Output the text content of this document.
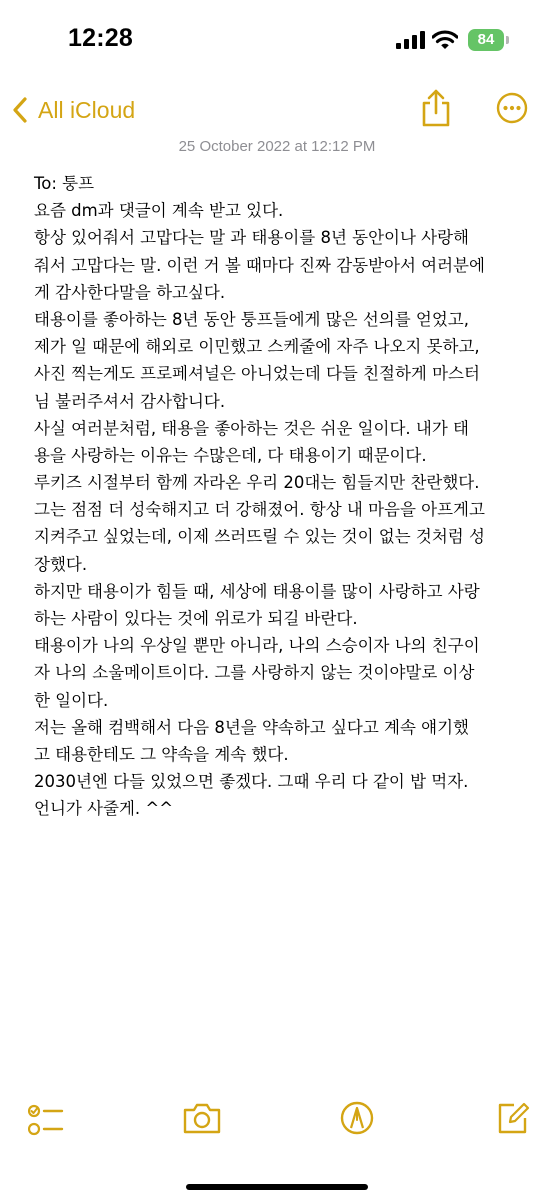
12:28	84
All iCloud
25 October 2022 at 12:12 PM
To: 퉁프
요즘 dm과 댓글이 계속 받고 있다.
항상 있어줘서 고맙다는 말 과 태용이를 8년 동안이나 사랑해
줘서 고맙다는 말. 이런 거 볼 때마다 진짜 감동받아서 여러분에
게 감사한다말을 하고싶다.
태용이를 좋아하는 8년 동안 퉁프들에게 많은 선의를 얻었고,
제가 일 때문에 해외로 이민했고 스케줄에 자주 나오지 못하고,
사진 찍는게도 프로페셔널은 아니었는데 다들 친절하게 마스터
님 불러주셔서 감사합니다.
사실 여러분처럼, 태용을 좋아하는 것은 쉬운 일이다. 내가 태
용을 사랑하는 이유는 수많은데, 다 태용이기 때문이다.
루키즈 시절부터 함께 자라온 우리 20대는 힘들지만 찬란했다.
그는 점점 더 성숙해지고 더 강해졌어. 항상 내 마음을 아프게고
지켜주고 싶었는데, 이제 쓰러뜨릴 수 있는 것이 없는 것처럼 성
장했다.
하지만 태용이가 힘들 때, 세상에 태용이를 많이 사랑하고 사랑
하는 사람이 있다는 것에 위로가 되길 바란다.
태용이가 나의 우상일 뿐만 아니라, 나의 스승이자 나의 친구이
자 나의 소울메이트이다. 그를 사랑하지 않는 것이야말로 이상
한 일이다.
저는 올해 컴백해서 다음 8년을 약속하고 싶다고 계속 얘기했
고 태용한테도 그 약속을 계속 했다.
2030년엔 다들 있었으면 좋겠다. 그때 우리 다 같이 밥 먹자.
언니가 사줄게. ^^
